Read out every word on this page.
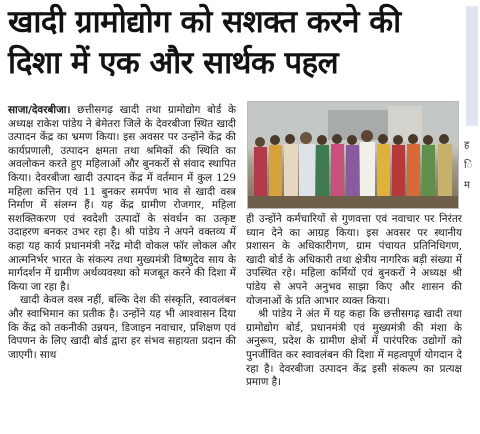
खादी ग्रामोद्योग को सशक्त करने की
दिशा में एक और सार्थक पहल

साजा/देवरबीजा। छत्तीसगढ़ खादी तथा ग्रामोद्योग बोर्ड के अध्यक्ष राकेश पांडेय ने बेमेतरा जिले के देवरबीजा स्थित खादी उत्पादन केंद्र का भ्रमण किया। इस अवसर पर उन्होंने केंद्र की कार्यप्रणाली, उत्पादन क्षमता तथा श्रमिकों की स्थिति का अवलोकन करते हुए महिलाओं और बुनकरों से संवाद स्थापित किया। देवरबीजा खादी उत्पादन केंद्र में वर्तमान में कुल 129 महिला कत्तिन एवं 11 बुनकर समर्पण भाव से खादी वस्त्र निर्माण में संलग्न हैं। यह केंद्र ग्रामीण रोजगार, महिला सशक्तिकरण एवं स्वदेशी उत्पादों के संवर्धन का उत्कृष्ट उदाहरण बनकर उभर रहा है। श्री पांडेय ने अपने वक्तव्य में कहा यह कार्य प्रधानमंत्री नरेंद्र मोदी वोकल फॉर लोकल और आत्मनिर्भर भारत के संकल्प तथा मुख्यमंत्री विष्णुदेव साय के मार्गदर्शन में ग्रामीण अर्थव्यवस्था को मजबूत करने की दिशा में किया जा रहा है।

खादी केवल वस्त्र नहीं, बल्कि देश की संस्कृति, स्वावलंबन और स्वाभिमान का प्रतीक है। उन्होंने यह भी आश्वासन दिया कि केंद्र को तकनीकी उन्नयन, डिजाइन नवाचार, प्रशिक्षण एवं विपणन के लिए खादी बोर्ड द्वारा हर संभव सहायता प्रदान की जाएगी। साथ

ही उन्होंने कर्मचारियों से गुणवत्ता एवं नवाचार पर निरंतर ध्यान देने का आग्रह किया। इस अवसर पर स्थानीय प्रशासन के अधिकारीगण, ग्राम पंचायत प्रतिनिधिगण, खादी बोर्ड के अधिकारी तथा क्षेत्रीय नागरिक बड़ी संख्या में उपस्थित रहे। महिला कर्मियों एवं बुनकरों ने अध्यक्ष श्री पांडेय से अपने अनुभव साझा किए और शासन की योजनाओं के प्रति आभार व्यक्त किया।

श्री पांडेय ने अंत में यह कहा कि छत्तीसगढ़ खादी तथा ग्रामोद्योग बोर्ड, प्रधानमंत्री एवं मुख्यमंत्री की मंशा के अनुरूप, प्रदेश के ग्रामीण क्षेत्रों में पारंपरिक उद्योगों को पुनर्जीवित कर स्वावलंबन की दिशा में महत्वपूर्ण योगदान दे रहा है। देवरबीजा उत्पादन केंद्र इसी संकल्प का प्रत्यक्ष प्रमाण है।

ह
ि
म
